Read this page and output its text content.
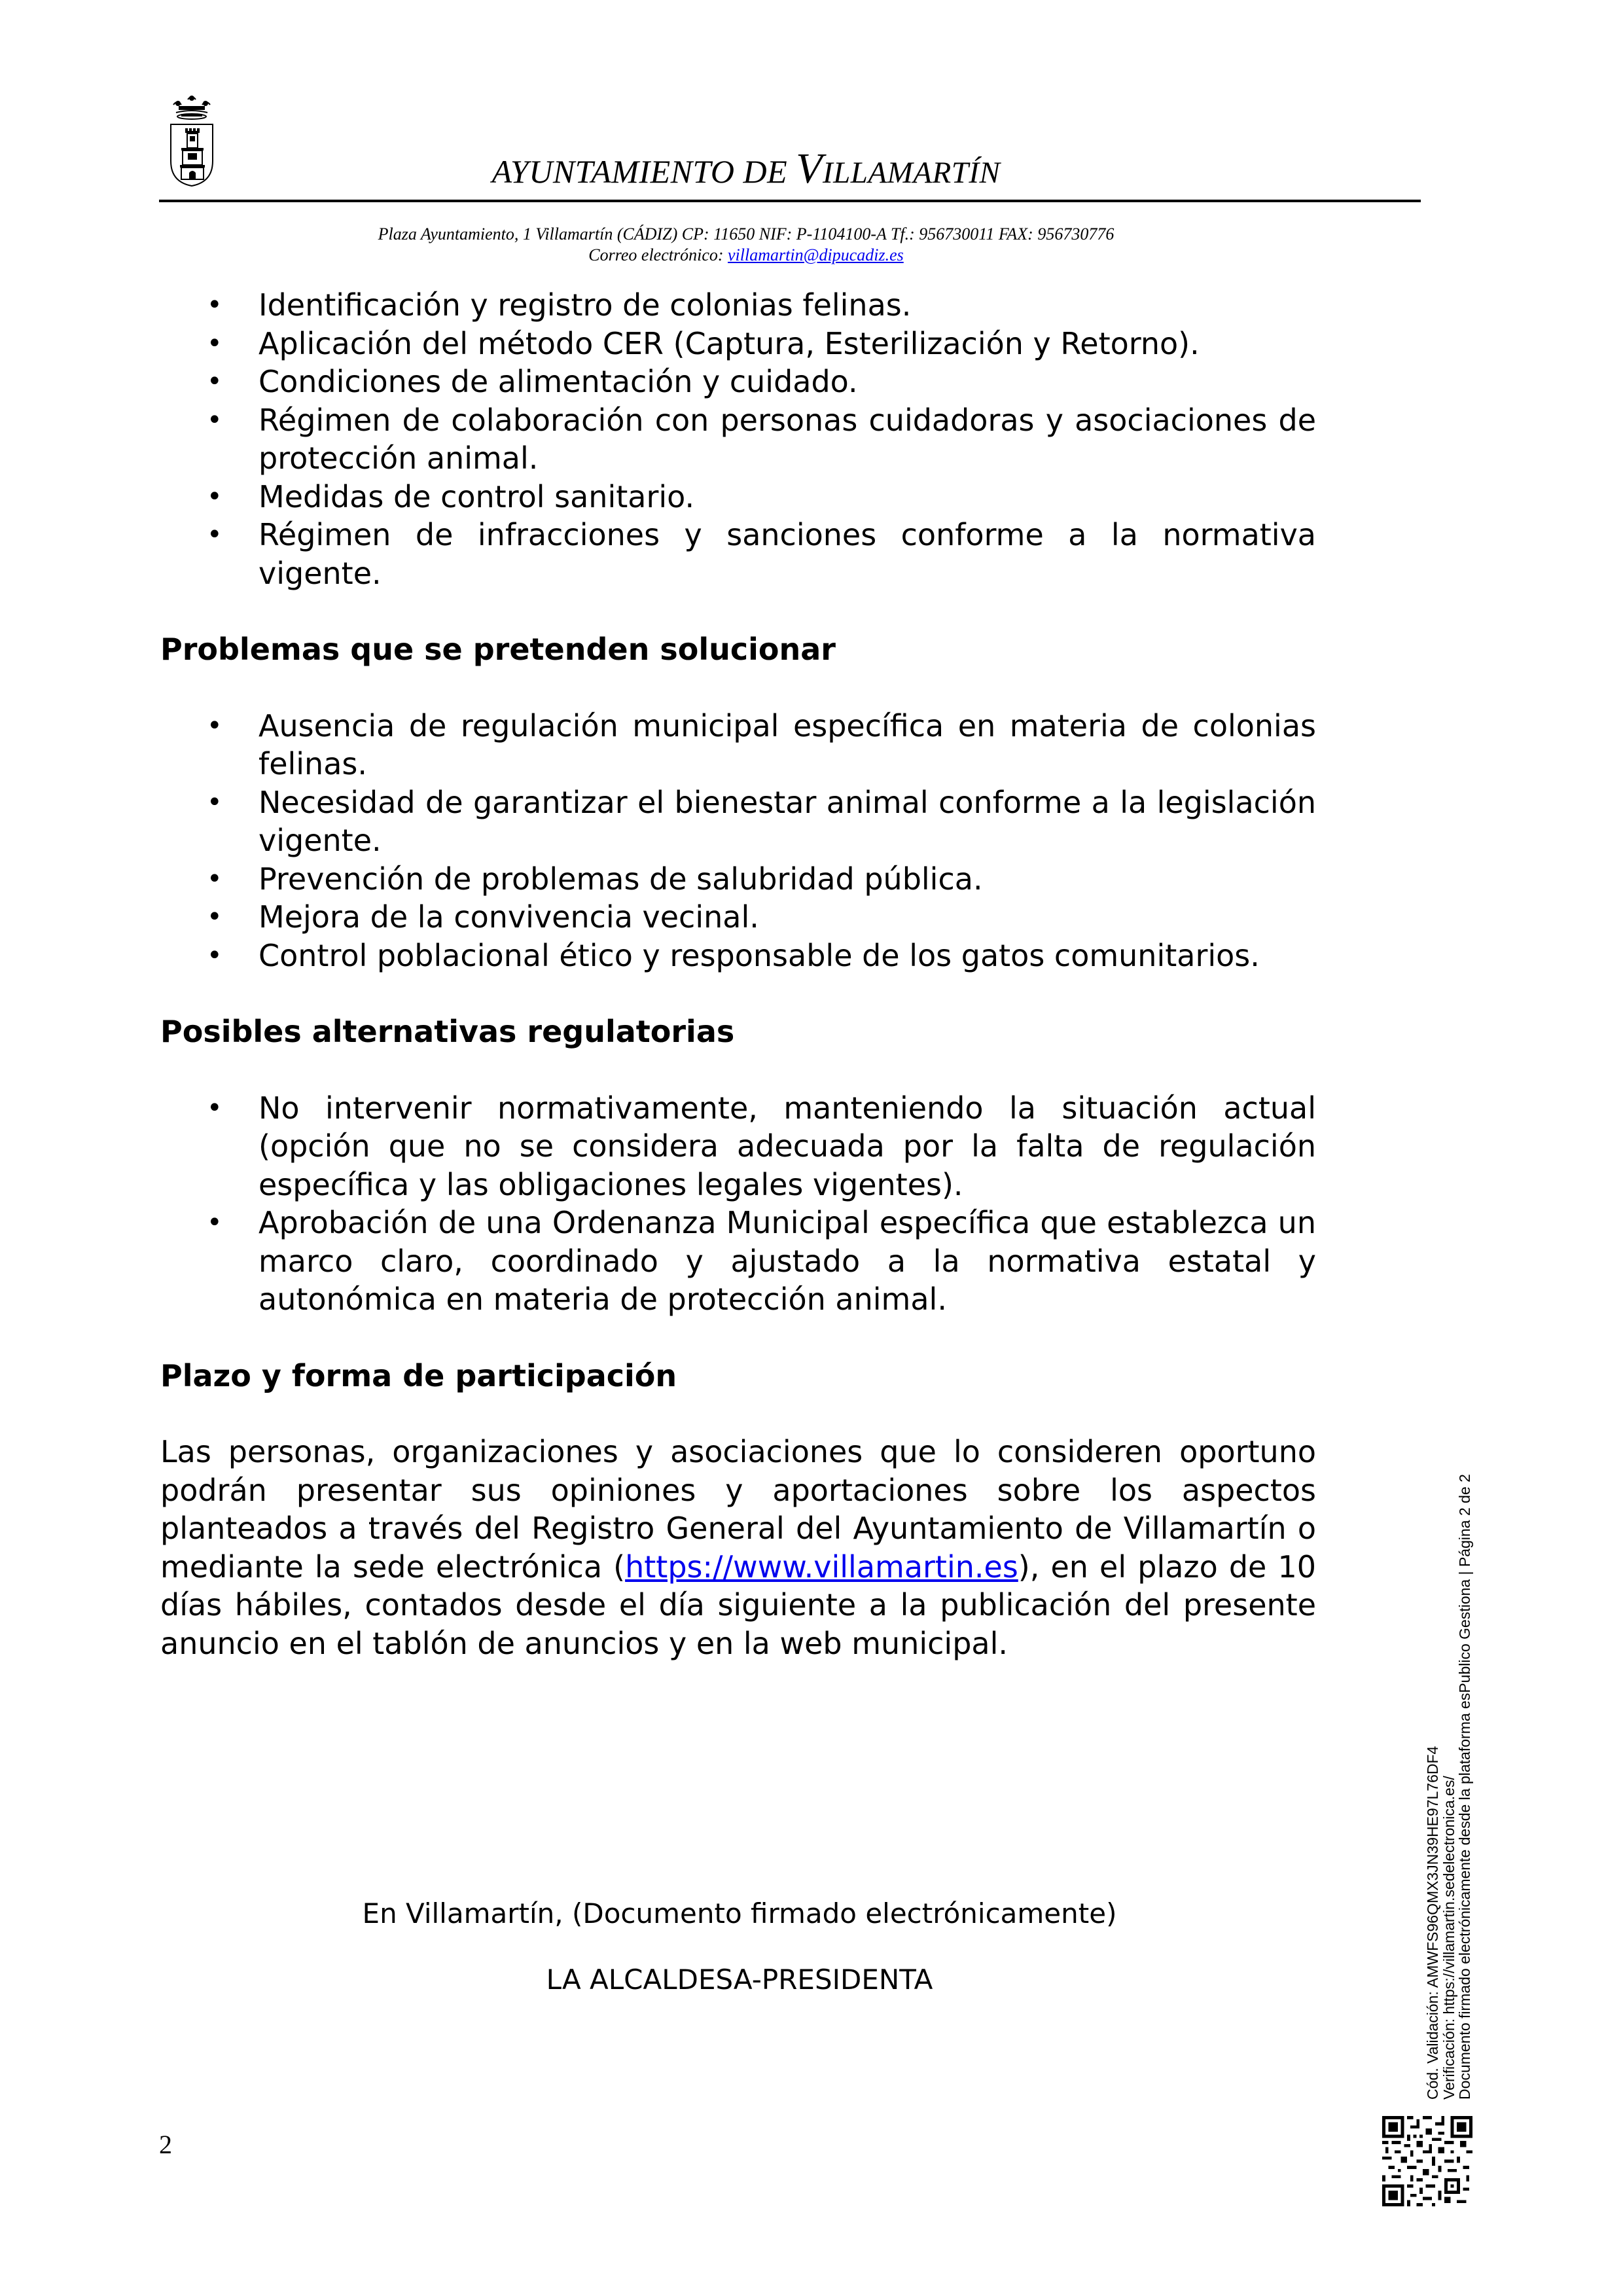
AYUNTAMIENTO DE VILLAMARTÍN
Plaza Ayuntamiento, 1 Villamartín (CÁDIZ) CP: 11650 NIF: P-1104100-A Tf.: 956730011 FAX: 956730776
Correo electrónico: villamartin@dipucadiz.es
• Identificación y registro de colonias felinas.
• Aplicación del método CER (Captura, Esterilización y Retorno).
• Condiciones de alimentación y cuidado.
• Régimen de colaboración con personas cuidadoras y asociaciones de protección animal.
• Medidas de control sanitario.
• Régimen de infracciones y sanciones conforme a la normativa vigente.
Problemas que se pretenden solucionar
• Ausencia de regulación municipal específica en materia de colonias felinas.
• Necesidad de garantizar el bienestar animal conforme a la legislación vigente.
• Prevención de problemas de salubridad pública.
• Mejora de la convivencia vecinal.
• Control poblacional ético y responsable de los gatos comunitarios.
Posibles alternativas regulatorias
• No intervenir normativamente, manteniendo la situación actual (opción que no se considera adecuada por la falta de regulación específica y las obligaciones legales vigentes).
• Aprobación de una Ordenanza Municipal específica que establezca un marco claro, coordinado y ajustado a la normativa estatal y autonómica en materia de protección animal.
Plazo y forma de participación

Las personas, organizaciones y asociaciones que lo consideren oportuno podrán presentar sus opiniones y aportaciones sobre los aspectos planteados a través del Registro General del Ayuntamiento de Villamartín o mediante la sede electrónica (https://www.villamartin.es), en el plazo de 10 días hábiles, contados desde el día siguiente a la publicación del presente anuncio en el tablón de anuncios y en la web municipal.

En Villamartín, (Documento firmado electrónicamente)
LA ALCALDESA-PRESIDENTA
2
Cód. Validación: AMWFS96QMX3JN39HE97L76DF4
Verificación: https://villamartin.sedelectronica.es/
Documento firmado electrónicamente desde la plataforma esPublico Gestiona | Página 2 de 2
